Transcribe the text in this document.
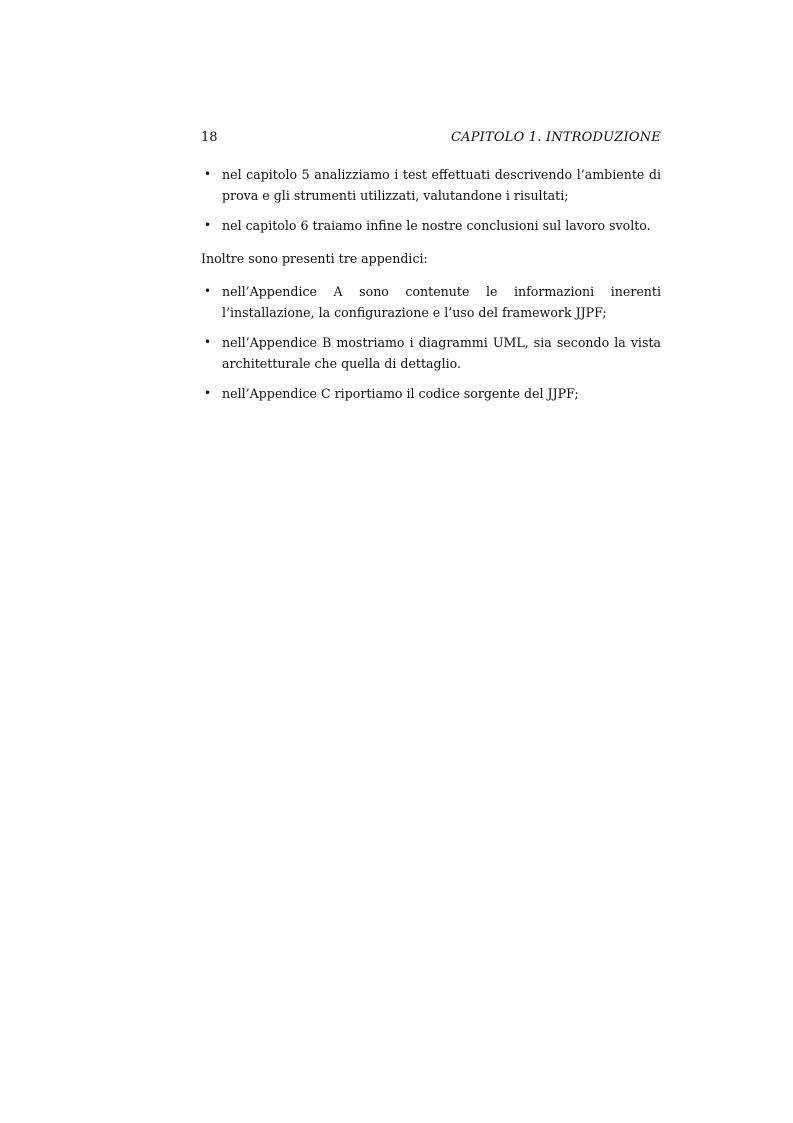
18	CAPITOLO 1. INTRODUZIONE
• nel capitolo 5 analizziamo i test effettuati descrivendo l’ambiente di prova e gli strumenti utilizzati, valutandone i risultati;
• nel capitolo 6 traiamo infine le nostre conclusioni sul lavoro svolto.

Inoltre sono presenti tre appendici:

• nell’Appendice A sono contenute le informazioni inerenti l’installazione, la configurazione e l’uso del framework JJPF;
• nell’Appendice B mostriamo i diagrammi UML, sia secondo la vista architetturale che quella di dettaglio.
• nell’Appendice C riportiamo il codice sorgente del JJPF;
